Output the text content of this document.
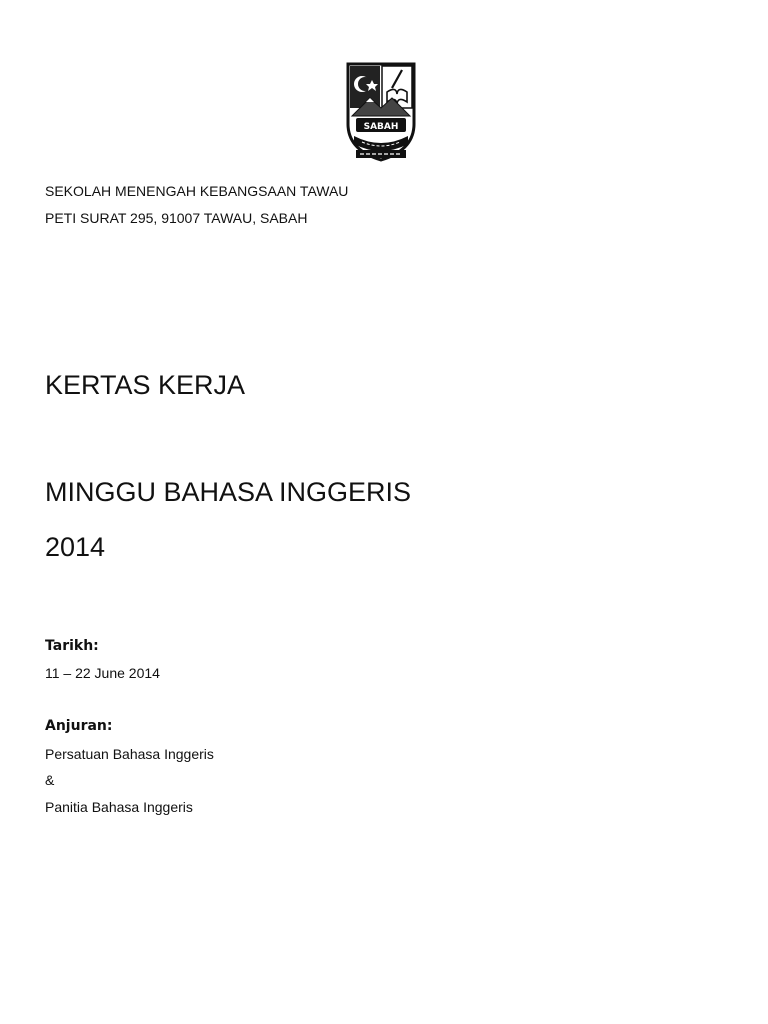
SABAH
SEKOLAH MENENGAH KEBANGSAAN TAWAU
PETI SURAT 295, 91007 TAWAU, SABAH
KERTAS KERJA
MINGGU BAHASA INGGERIS
2014
Tarikh:
11 – 22 June 2014
Anjuran:
Persatuan Bahasa Inggeris
&
Panitia Bahasa Inggeris
